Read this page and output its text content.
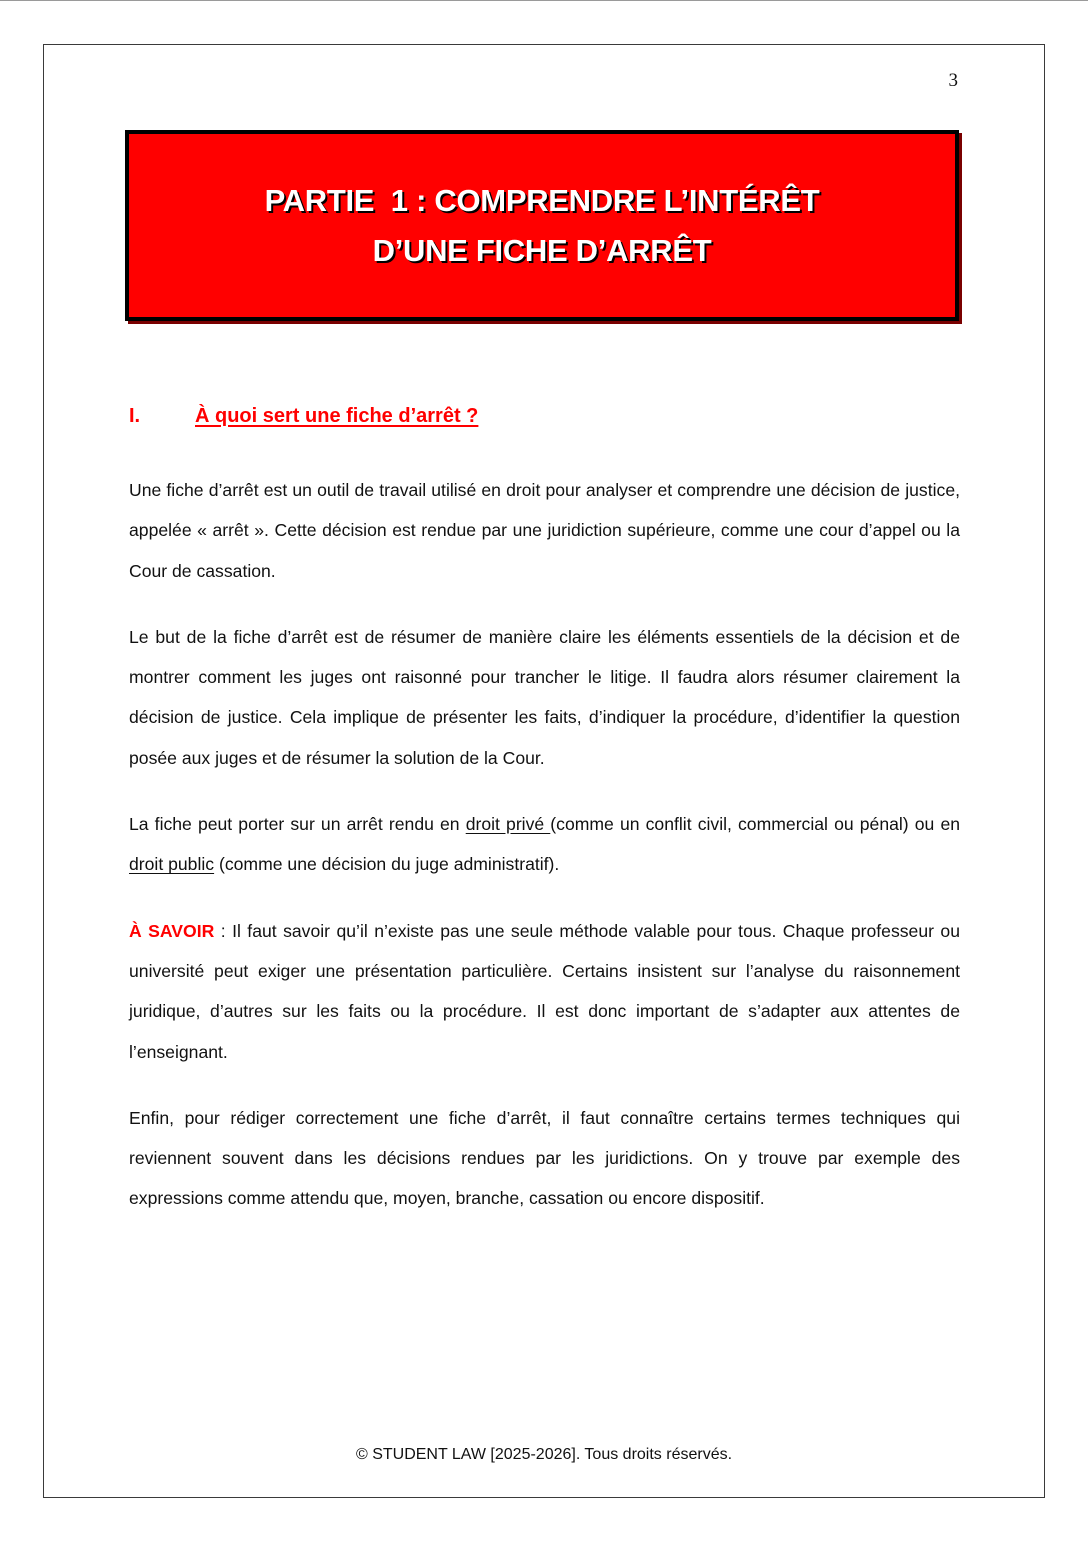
3
PARTIE  1 : COMPRENDRE L’INTÉRÊT
D’UNE FICHE D’ARRÊT
I.	À quoi sert une fiche d’arrêt ?

Une fiche d’arrêt est un outil de travail utilisé en droit pour analyser et comprendre une décision de justice, appelée « arrêt ». Cette décision est rendue par une juridiction supérieure, comme une cour d’appel ou la Cour de cassation.

Le but de la fiche d’arrêt est de résumer de manière claire les éléments essentiels de la décision et de montrer comment les juges ont raisonné pour trancher le litige. Il faudra alors résumer clairement la décision de justice. Cela implique de présenter les faits, d’indiquer la procédure, d’identifier la question posée aux juges et de résumer la solution de la Cour.

La fiche peut porter sur un arrêt rendu en droit privé (comme un conflit civil, commercial ou pénal) ou en droit public (comme une décision du juge administratif).

À SAVOIR : Il faut savoir qu’il n’existe pas une seule méthode valable pour tous. Chaque professeur ou université peut exiger une présentation particulière. Certains insistent sur l’analyse du raisonnement juridique, d’autres sur les faits ou la procédure. Il est donc important de s’adapter aux attentes de l’enseignant.

Enfin, pour rédiger correctement une fiche d’arrêt, il faut connaître certains termes techniques qui reviennent souvent dans les décisions rendues par les juridictions. On y trouve par exemple des expressions comme attendu que, moyen, branche, cassation ou encore dispositif.

© STUDENT LAW [2025-2026]. Tous droits réservés.
